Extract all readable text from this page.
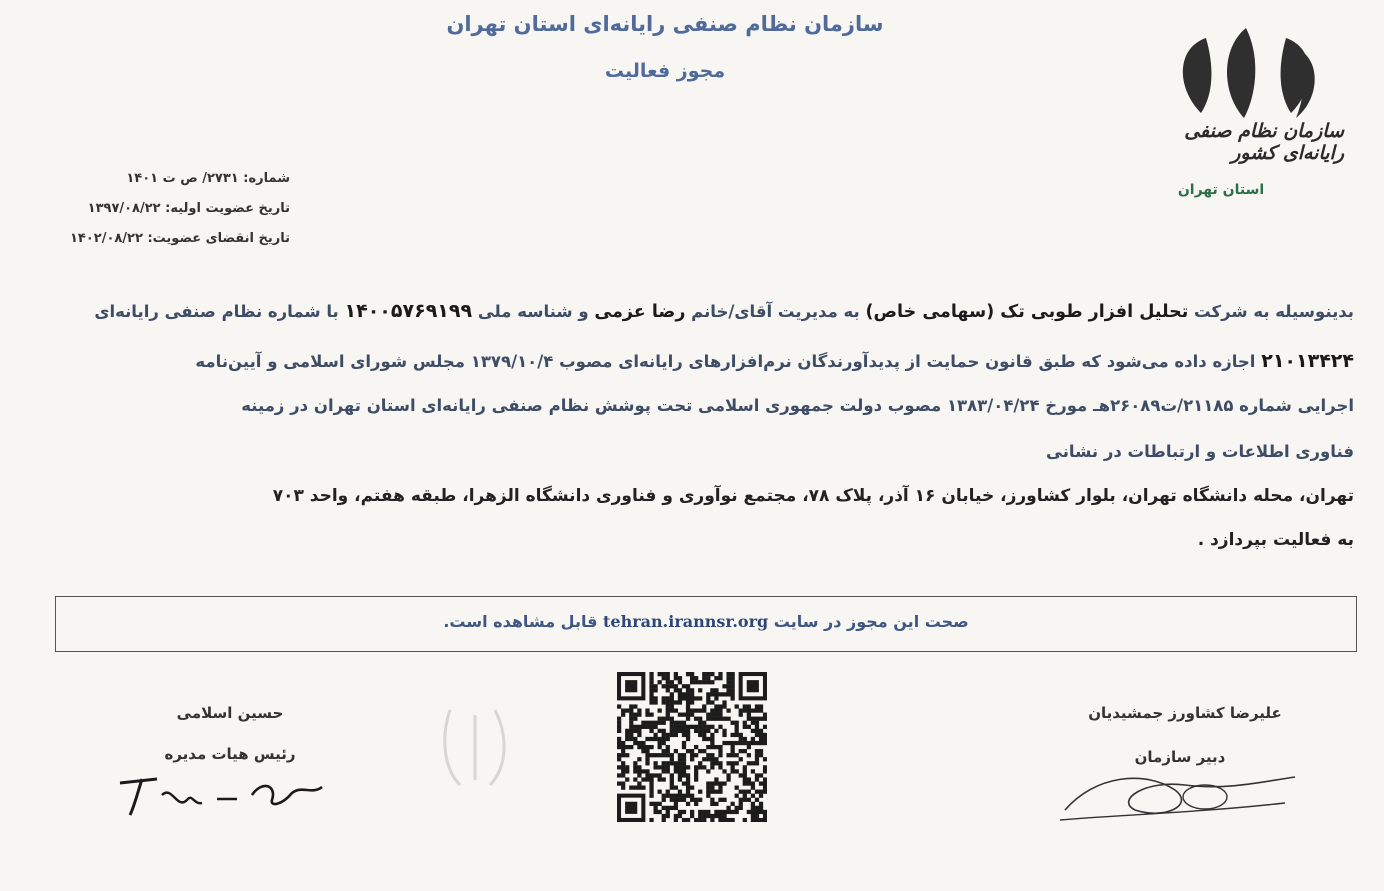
سازمان نظام صنفی رایانه‌ای استان تهران
مجوز فعالیت
سازمان نظام صنفی رایانه‌ای کشور
استان تهران
شماره: ۲۷۳۱/ ص ت ۱۴۰۱
تاریخ عضویت اولیه: ۱۳۹۷/۰۸/۲۲
تاریخ انقضای عضویت: ۱۴۰۲/۰۸/۲۲
بدینوسیله به شرکت تحلیل افزار طوبی تک (سهامی خاص) به مدیریت آقای/خانم رضا عزمی و شناسه ملی ۱۴۰۰۵۷۶۹۱۹۹ با شماره نظام صنفی رایانه‌ای
۲۱۰۱۳۴۲۴ اجازه داده می‌شود که طبق قانون حمایت از پدیدآورندگان نرم‌افزارهای رایانه‌ای مصوب ۱۳۷۹/۱۰/۴ مجلس شورای اسلامی و آیین‌نامه
اجرایی شماره ۲۱۱۸۵/ت۲۶۰۸۹هـ مورخ ۱۳۸۳/۰۴/۲۴ مصوب دولت جمهوری اسلامی تحت پوشش نظام صنفی رایانه‌ای استان تهران در زمینه
فناوری اطلاعات و ارتباطات در نشانی
تهران، محله دانشگاه تهران، بلوار کشاورز، خیابان ۱۶ آذر، پلاک ۷۸، مجتمع نوآوری و فناوری دانشگاه الزهرا، طبقه هفتم، واحد ۷۰۳
به فعالیت بپردازد .
صحت این مجوز در سایت tehran.irannsr.org قابل مشاهده است.
علیرضا کشاورز جمشیدیان
دبیر سازمان
حسین اسلامی
رئیس هیات مدیره
